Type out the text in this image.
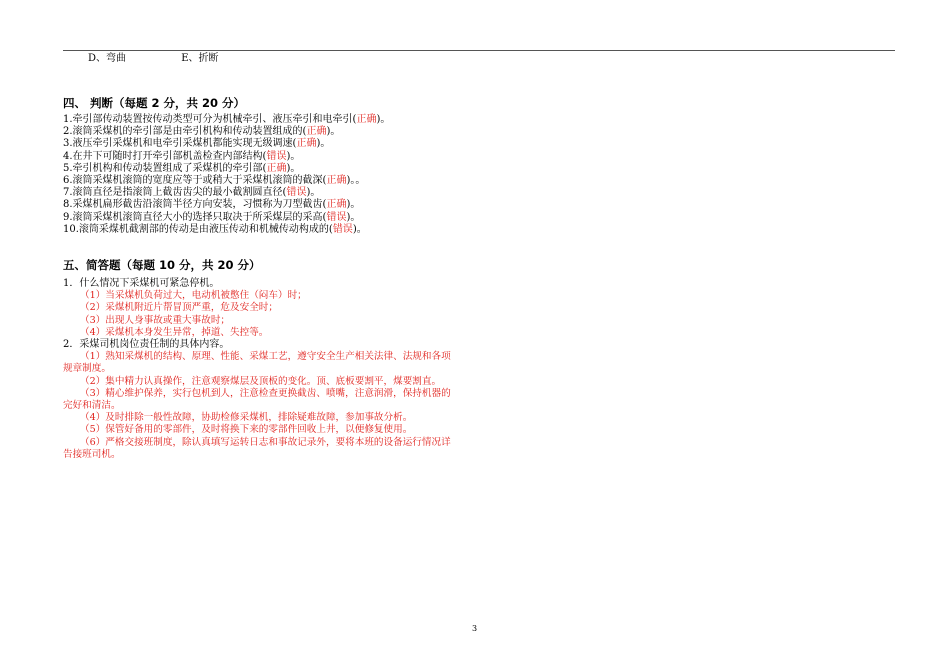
D、弯曲	E、折断
四、 判断（每题 2 分，共 20 分）
1.牵引部传动装置按传动类型可分为机械牵引、液压牵引和电牵引(正确)。
2.滚筒采煤机的牵引部是由牵引机构和传动装置组成的(正确)。
3.液压牵引采煤机和电牵引采煤机都能实现无级调速(正确)。
4.在井下可随时打开牵引部机盖检查内部结构(错误)。
5.牵引机构和传动装置组成了采煤机的牵引部(正确)。
6.滚筒采煤机滚筒的宽度应等于或稍大于采煤机滚筒的截深(正确)。。
7.滚筒直径是指滚筒上截齿齿尖的最小截割圆直径(错误)。
8.采煤机扁形截齿沿滚筒半径方向安装，习惯称为刀型截齿(正确)。
9.滚筒采煤机滚筒直径大小的选择只取决于所采煤层的采高(错误)。
10.滚筒采煤机截割部的传动是由液压传动和机械传动构成的(错误)。
五、简答题（每题 10 分，共 20 分）
1．什么情况下采煤机可紧急停机。
（1）当采煤机负荷过大，电动机被憋住（闷车）时；
（2）采煤机附近片帮冒顶严重，危及安全时；
（3）出现人身事故或重大事故时；
（4）采煤机本身发生异常，掉道、失控等。
2．采煤司机岗位责任制的具体内容。
（1）熟知采煤机的结构、原理、性能、采煤工艺，遵守安全生产相关法律、法规和各项规章制度。
（2）集中精力认真操作，注意观察煤层及顶板的变化。顶、底板要割平，煤要割直。
（3）精心维护保养，实行包机到人，注意检查更换截齿、喷嘴，注意润滑，保持机器的完好和清洁。
（4）及时排除一般性故障，协助检修采煤机，排除疑难故障，参加事故分析。
（5）保管好备用的零部件，及时将换下来的零部件回收上井，以便修复使用。
（6）严格交接班制度，除认真填写运转日志和事故记录外，要将本班的设备运行情况详告接班司机。
3
